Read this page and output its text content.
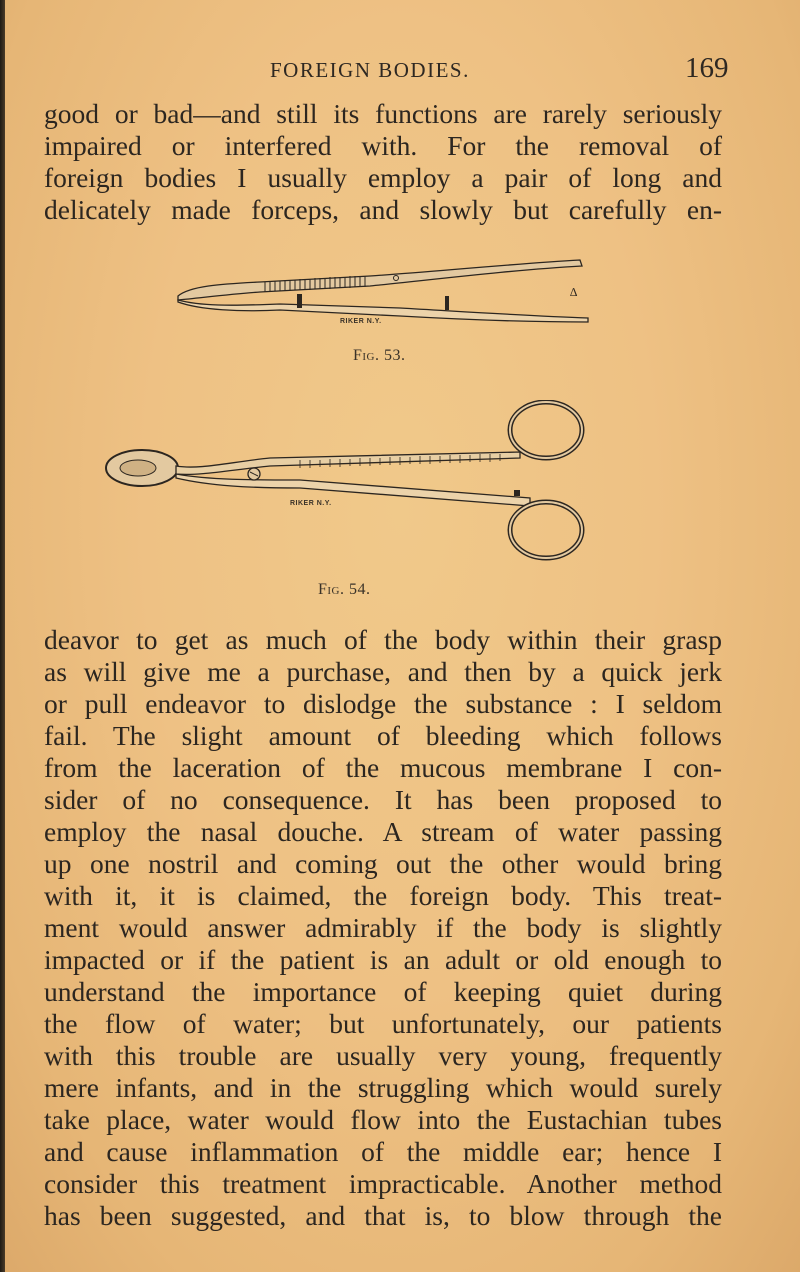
FOREIGN BODIES.	169
good or bad—and still its functions are rarely seriously
impaired or interfered with. For the removal of
foreign bodies I usually employ a pair of long and
delicately made forceps, and slowly but carefully en-
∆
RIKER N.Y.
Fig. 53.
RIKER N.Y.
Fig. 54.
deavor to get as much of the body within their grasp
as will give me a purchase, and then by a quick jerk
or pull endeavor to dislodge the substance : I seldom
fail. The slight amount of bleeding which follows
from the laceration of the mucous membrane I con-
sider of no consequence. It has been proposed to
employ the nasal douche. A stream of water passing
up one nostril and coming out the other would bring
with it, it is claimed, the foreign body. This treat-
ment would answer admirably if the body is slightly
impacted or if the patient is an adult or old enough to
understand the importance of keeping quiet during
the flow of water; but unfortunately, our patients
with this trouble are usually very young, frequently
mere infants, and in the struggling which would surely
take place, water would flow into the Eustachian tubes
and cause inflammation of the middle ear; hence I
consider this treatment impracticable. Another method
has been suggested, and that is, to blow through the
